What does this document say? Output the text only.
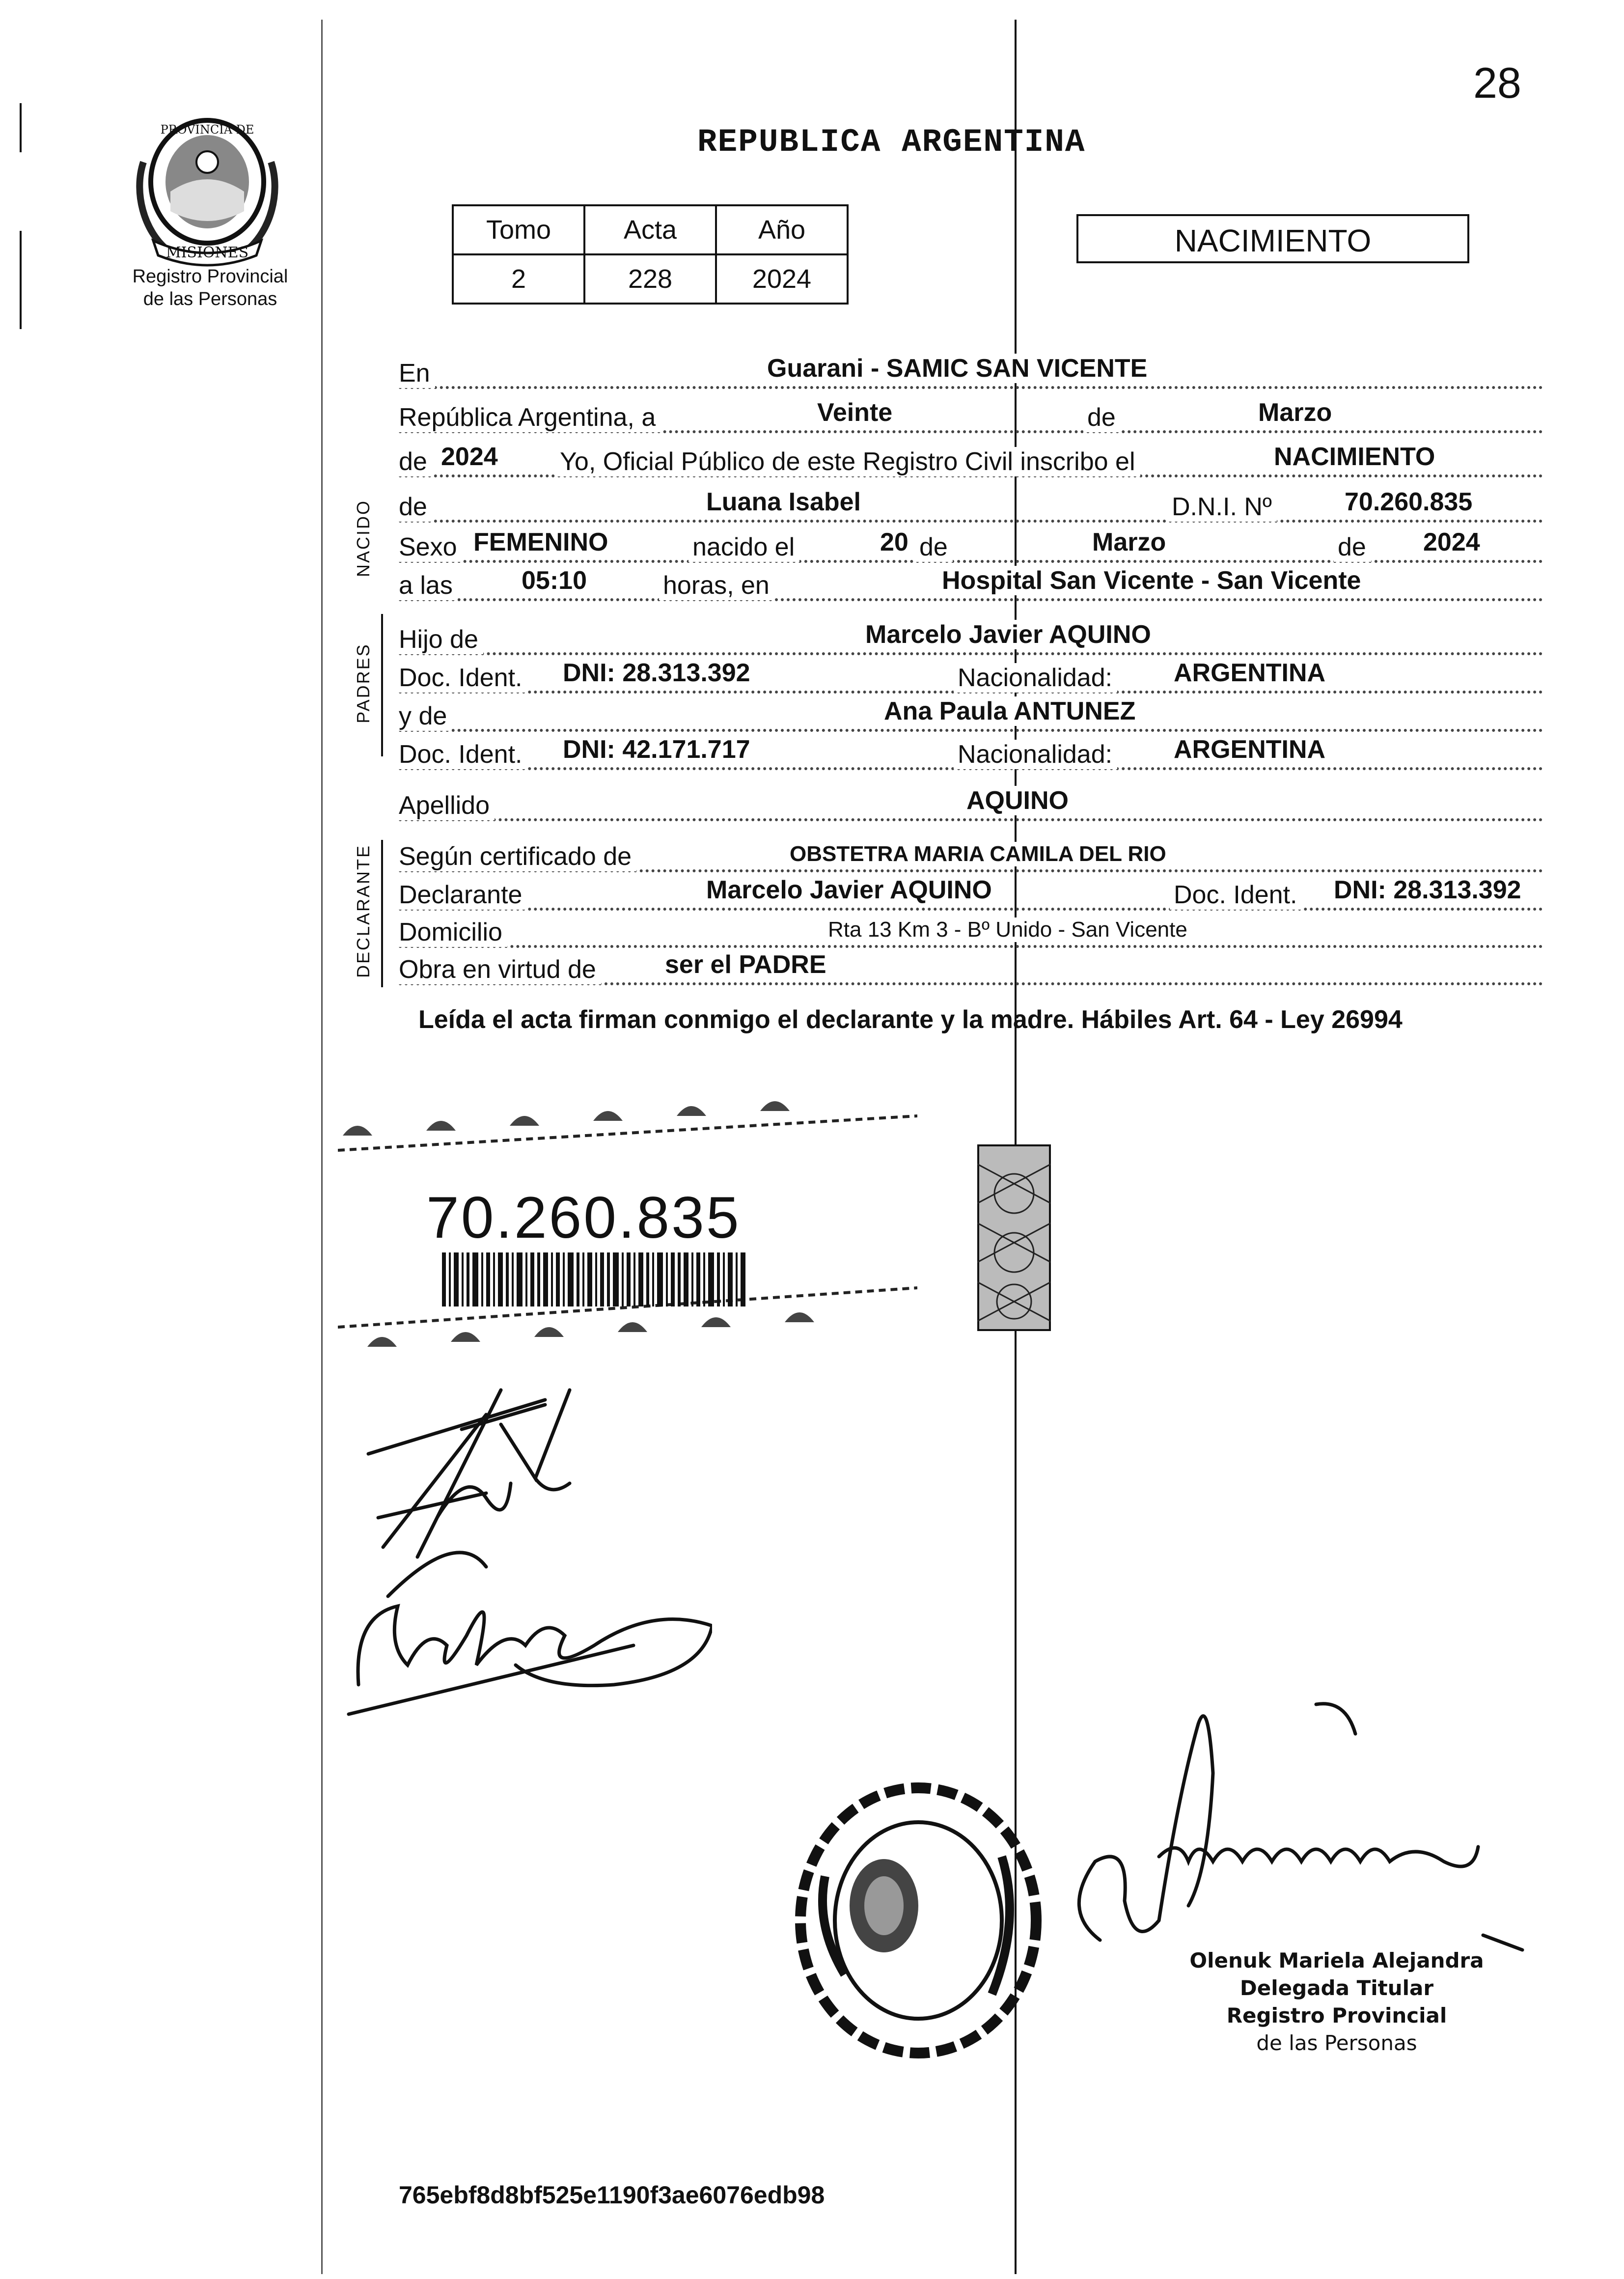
28
MISIONES
PROVINCIA DE
Registro Provincial
de las Personas
REPUBLICA ARGENTINA
Tomo	Acta	Año
2	228	2024
NACIMIENTO
NACIDO
PADRES
DECLARANTE
En	Guarani - SAMIC SAN VICENTE
República Argentina, a	Veinte	de	Marzo
de 2024 Yo, Oficial Público de este Registro Civil inscribo el	NACIMIENTO
de	Luana Isabel	D.N.I. Nº	70.260.835
Sexo FEMENINO	nacido el	20 de	Marzo	de 2024
a las	05:10	horas, en	Hospital San Vicente - San Vicente
Hijo de	Marcelo Javier AQUINO
Doc. Ident. DNI: 28.313.392	Nacionalidad: ARGENTINA
y de	Ana Paula ANTUNEZ
Doc. Ident. DNI: 42.171.717	Nacionalidad: ARGENTINA
Apellido	AQUINO
Según certificado de	OBSTETRA MARIA CAMILA DEL RIO
Declarante	Marcelo Javier AQUINO	Doc. Ident. DNI: 28.313.392
Domicilio	Rta 13 Km 3 - Bº Unido - San Vicente
Obra en virtud de	ser el PADRE
Leída el acta firman conmigo el declarante y la madre. Hábiles Art. 64 - Ley 26994
70.260.835
Olenuk Mariela Alejandra
Delegada Titular
Registro Provincial
de las Personas
765ebf8d8bf525e1190f3ae6076edb98
